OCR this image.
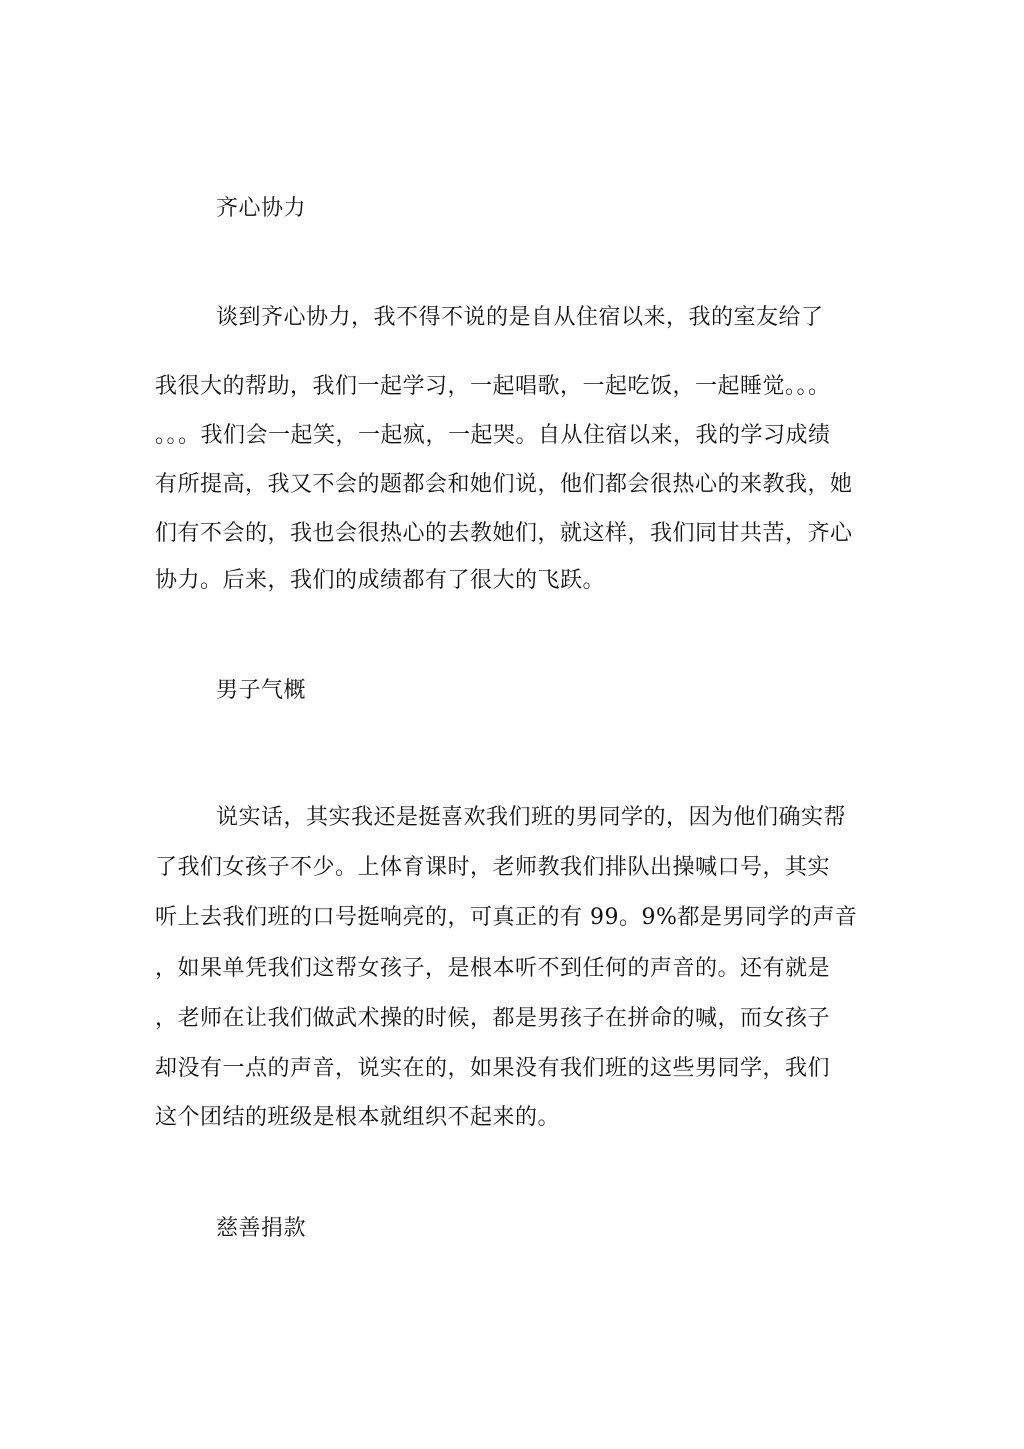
齐心协力
谈到齐心协力，我不得不说的是自从住宿以来，我的室友给了
我很大的帮助，我们一起学习，一起唱歌，一起吃饭，一起睡觉。。。
。。。我们会一起笑，一起疯，一起哭。自从住宿以来，我的学习成绩
有所提高，我又不会的题都会和她们说，他们都会很热心的来教我，她
们有不会的，我也会很热心的去教她们，就这样，我们同甘共苦，齐心
协力。后来，我们的成绩都有了很大的飞跃。
男子气概
说实话，其实我还是挺喜欢我们班的男同学的，因为他们确实帮
了我们女孩子不少。上体育课时，老师教我们排队出操喊口号，其实
听上去我们班的口号挺响亮的，可真正的有 99。9%都是男同学的声音
，如果单凭我们这帮女孩子，是根本听不到任何的声音的。还有就是
，老师在让我们做武术操的时候，都是男孩子在拼命的喊，而女孩子
却没有一点的声音，说实在的，如果没有我们班的这些男同学，我们
这个团结的班级是根本就组织不起来的。
慈善捐款
